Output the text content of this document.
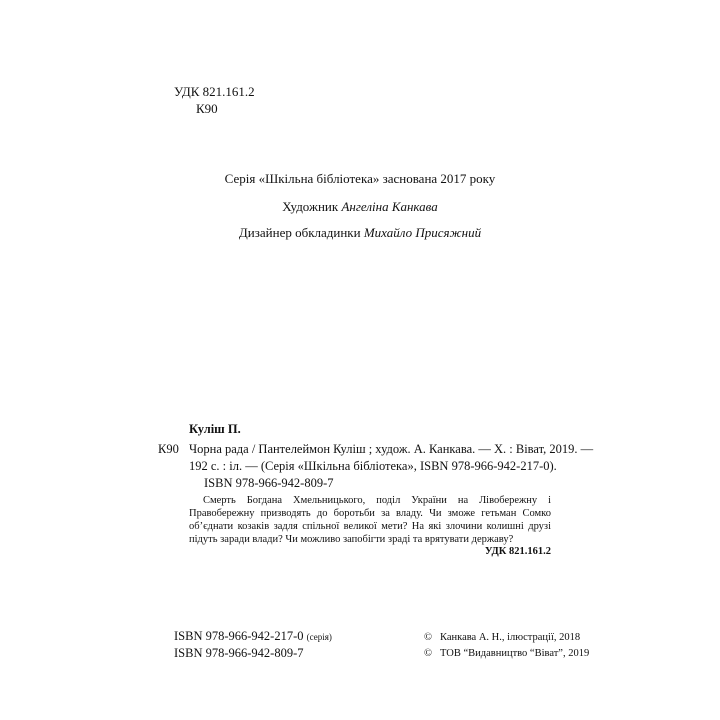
УДК 821.161.2
К90
Серія «Шкільна бібліотека» заснована 2017 року
Художник Ангеліна Канкава
Дизайнер обкладинки Михайло Присяжний
Куліш П.
К90 Чорна рада / Пантелеймон Куліш ; худож. А. Канкава. — Х. : Віват, 2019. —
192 с. : іл. — (Серія «Шкільна бібліотека», ISBN 978-966-942-217-0).
ISBN 978-966-942-809-7
Смерть Богдана Хмельницького, поділ України на Лівобережну і Правобережну призводять до боротьби за владу. Чи зможе гетьман Сомко об’єднати козаків задля спільної великої мети? На які злочини колишні друзі підуть заради влади? Чи можливо запобігти зраді та врятувати державу?
УДК 821.161.2
ISBN 978-966-942-217-0 (серія)
ISBN 978-966-942-809-7
© Канкава А. Н., ілюстрації, 2018
© ТОВ “Видавництво “Віват”, 2019
